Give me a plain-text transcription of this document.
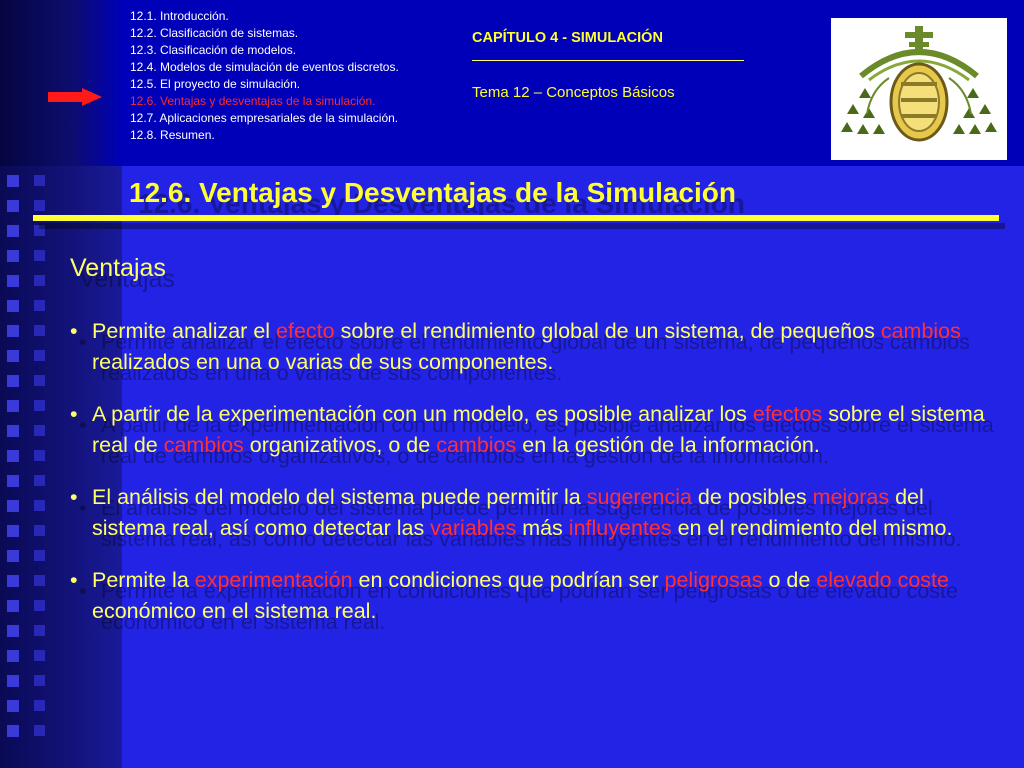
12.1. Introducción.
12.2. Clasificación de sistemas.
12.3. Clasificación de modelos.
12.4. Modelos de simulación de eventos discretos.
12.5. El proyecto de simulación.
12.6. Ventajas y desventajas de la simulación.
12.7. Aplicaciones empresariales de la simulación.
12.8. Resumen.
CAPÍTULO 4 - SIMULACIÓN
Tema 12 – Conceptos Básicos
12.6. Ventajas y Desventajas de la Simulación
Ventajas
• Permite analizar el efecto sobre el rendimiento global de un sistema, de pequeños cambios realizados en una o varias de sus componentes.
• A partir de la experimentación con un modelo, es posible analizar los efectos sobre el sistema real de cambios organizativos, o de cambios en la gestión de la información.
• El análisis del modelo del sistema puede permitir la sugerencia de posibles mejoras del sistema real, así como detectar las variables más influyentes en el rendimiento del mismo.
• Permite la experimentación en condiciones que podrían ser peligrosas o de elevado coste económico en el sistema real.
